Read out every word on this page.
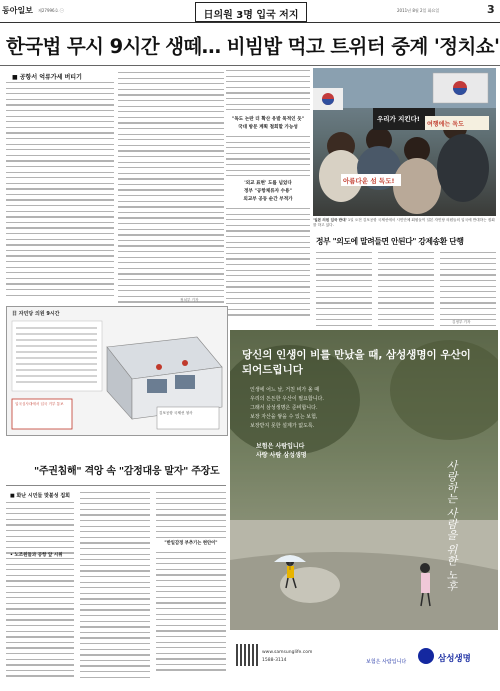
동아일보 제27996호 ㊀	日의원 3명 입국 저지	2011년 8월 2일 화요일	3
한국법 무시 9시간 생떼… 비빔밥 먹고 트위터 중계 '정치쇼'
■ 공항서 억류가세 버티기
정치부 기자
"독도 논란 더 확산 유발 목적인 듯"
국대 방문 계획 철회할 가능성
'외교 표현' 도를 넘었다
정부 "공항체류자 수용"
외교부 공동 순간 부적가
우리가 지킨다!
아름다운 섬 독도!
여행에는 독도
'일본 의원 입국 반대' 1일 오전 김포공항 국제선에서 시민단체 회원들이 일본 자민당 의원들의 입국에 반대하는 집회를 하고 있다.
정부 "의도에 말려들면 안된다" 강제송환 단행
김정부 기자
日 자민당 의원 9시간
입국심사대에서 입국 거부 통보
김포공항 국제선 청사
"주권침해" 격앙 속 "감정대응 말자" 주장도
■ 화난 시민들 맞불성 집회
• 노조원들과 공항 앞 시위
"반일감정 부추기는 현안이"
당신의 인생이 비를 만났을 때, 삼성생명이 우산이 되어드립니다
인생에 어느 날, 거친 비가 올 때
우리의 든든한 우산이 필요합니다.
그래서 삼성생명은 준비합니다.
보장 자산을 쌓을 수 있는 보험,
보장받지 못한 설계가 없도록.
보험은 사람입니다
사랑 사람 삼성생명
사랑하는 사람을 위한 노후
www.samsunglife.com
1588-3114	보험은 사람입니다	삼성생명
